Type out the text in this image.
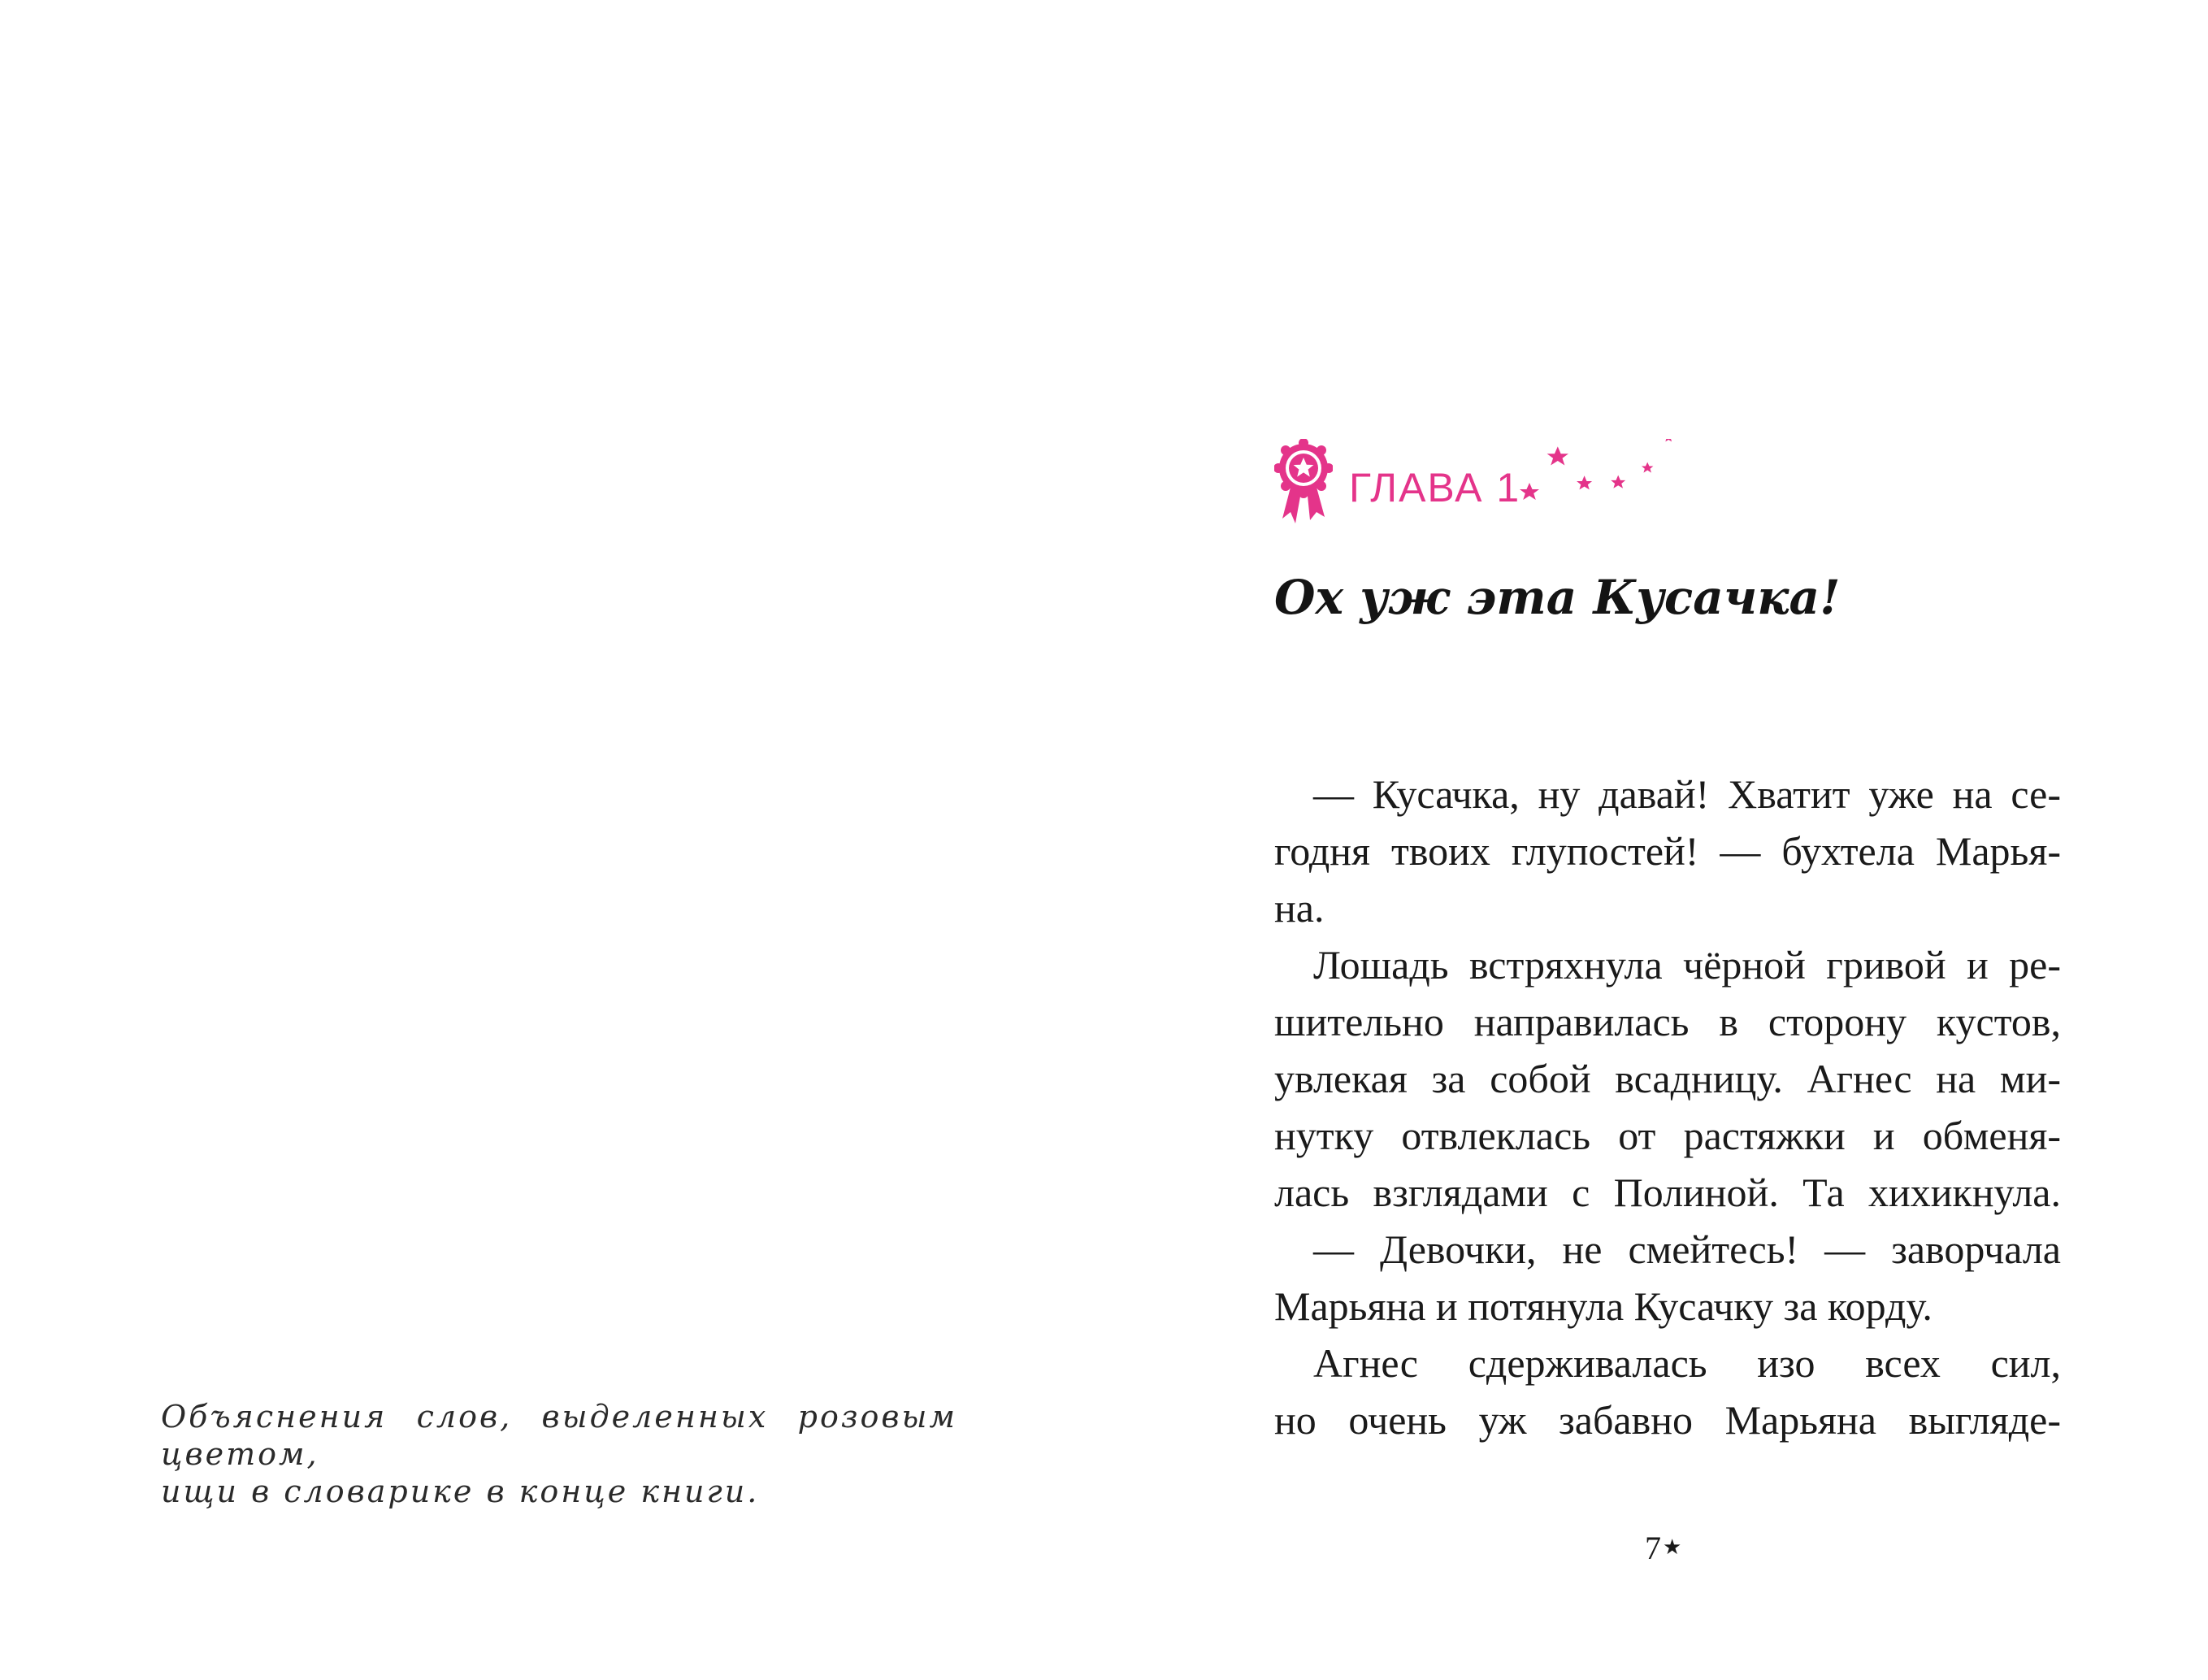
Объяснения слов, выделенных розовым цветом,
ищи в словарике в конце книги.
ГЛАВА 1
Ох уж эта Кусачка!
— Кусачка, ну давай! Хватит уже на се-
годня твоих глупостей! — бухтела Марья-
на.
Лошадь встряхнула чёрной гривой и ре-
шительно направилась в сторону кустов,
увлекая за собой всадницу. Агнес на ми-
нутку отвлеклась от растяжки и обменя-
лась взглядами с Полиной. Та хихикнула.
— Девочки, не смейтесь! — заворчала
Марьяна и потянула Кусачку за корду.
Агнес сдерживалась изо всех сил,
но очень уж забавно Марьяна выгляде-
7★
